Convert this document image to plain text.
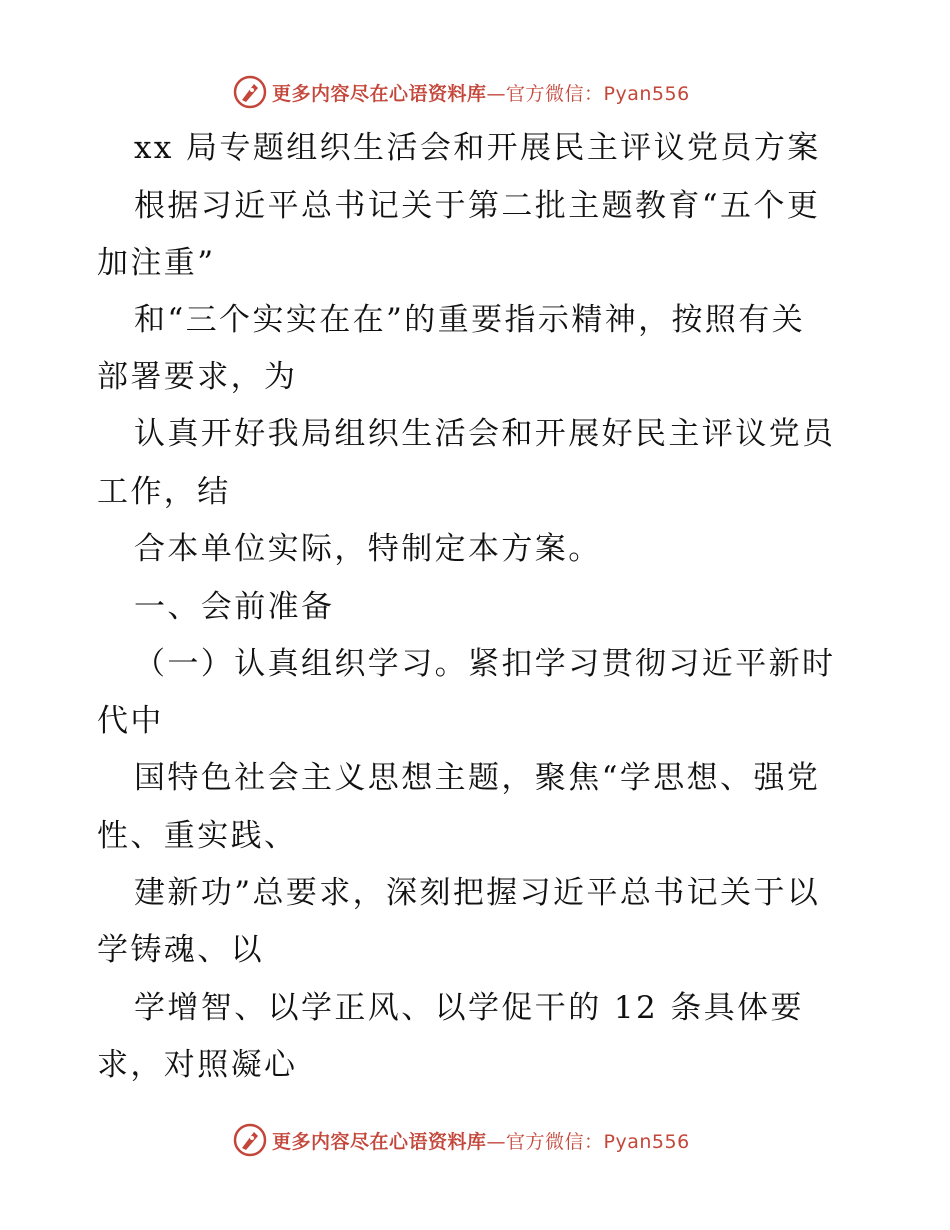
更多内容尽在心语资料库—官方微信：Pyan556
xx 局专题组织生活会和开展民主评议党员方案
根据习近平总书记关于第二批主题教育“五个更
加注重”
和“三个实实在在”的重要指示精神，按照有关
部署要求，为
认真开好我局组织生活会和开展好民主评议党员
工作，结
合本单位实际，特制定本方案。
一、会前准备
（一）认真组织学习。紧扣学习贯彻习近平新时
代中
国特色社会主义思想主题，聚焦“学思想、强党
性、重实践、
建新功”总要求，深刻把握习近平总书记关于以
学铸魂、以
学增智、以学正风、以学促干的 12 条具体要
求，对照凝心
更多内容尽在心语资料库—官方微信：Pyan556
